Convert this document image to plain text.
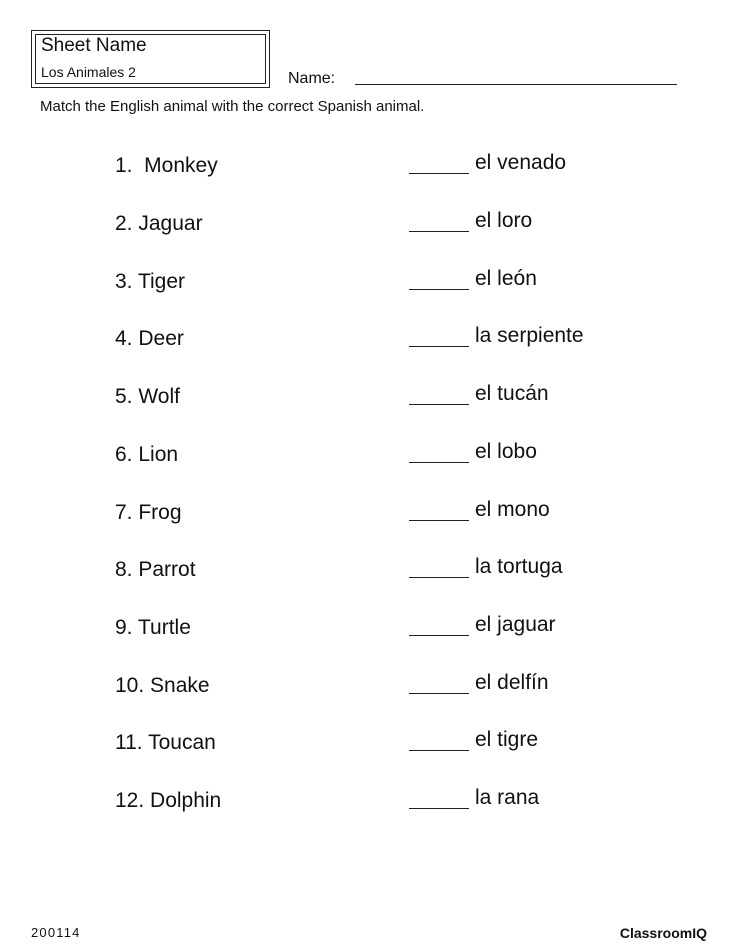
Sheet Name
Los Animales 2	Name:
Match the English animal with the correct Spanish animal.
1.  Monkey	el venado
2. Jaguar	el loro
3. Tiger	el león
4. Deer	la serpiente
5. Wolf	el tucán
6. Lion	el lobo
7. Frog	el mono
8. Parrot	la tortuga
9. Turtle	el jaguar
10. Snake	el delfín
11. Toucan	el tigre
12. Dolphin	la rana
200114	ClassroomIQ
